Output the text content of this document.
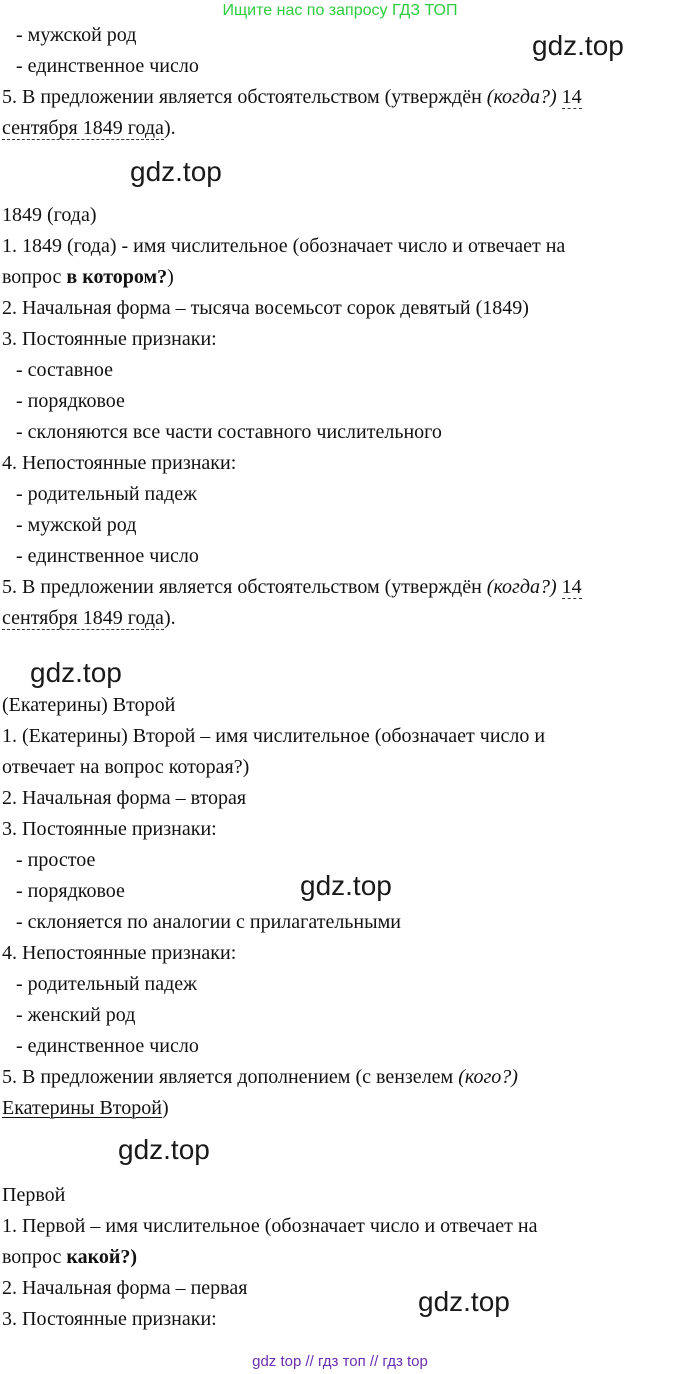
Ищите нас по запросу ГДЗ ТОП
- мужской род
- единственное число
5. В предложении является обстоятельством (утверждён (когда?) 14
сентября 1849 года).
1849 (года)
1. 1849 (года) - имя числительное (обозначает число и отвечает на
вопрос в котором?)
2. Начальная форма – тысяча восемьсот сорок девятый (1849)
3. Постоянные признаки:
- составное
- порядковое
- склоняются все части составного числительного
4. Непостоянные признаки:
- родительный падеж
- мужской род
- единственное число
5. В предложении является обстоятельством (утверждён (когда?) 14
сентября 1849 года).
(Екатерины) Второй
1. (Екатерины) Второй – имя числительное (обозначает число и
отвечает на вопрос которая?)
2. Начальная форма – вторая
3. Постоянные признаки:
- простое
- порядковое
- склоняется по аналогии с прилагательными
4. Непостоянные признаки:
- родительный падеж
- женский род
- единственное число
5. В предложении является дополнением (с вензелем (кого?)
Екатерины Второй)
Первой
1. Первой – имя числительное (обозначает число и отвечает на
вопрос какой?)
2. Начальная форма – первая
3. Постоянные признаки:
gdz.top
gdz.top
gdz.top
gdz.top
gdz.top
gdz.top
gdz top // гдз топ // гдз top
